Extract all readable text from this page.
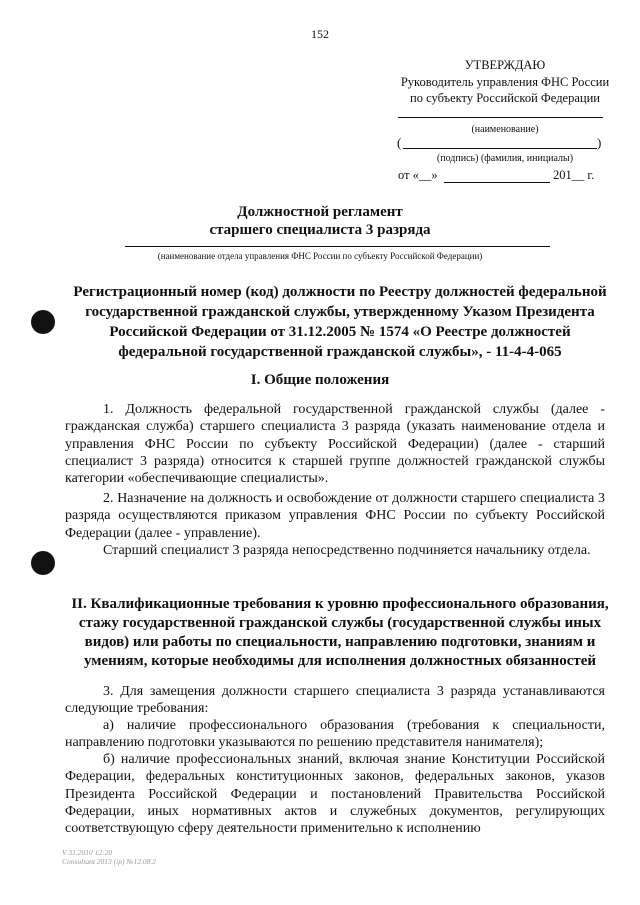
152
УТВЕРЖДАЮ
Руководитель управления ФНС России
по субъекту Российской Федерации
(наименование)
(	)
(подпись) (фамилия, инициалы)
от «__»	201__ г.
Должностной регламент
старшего специалиста 3 разряда
(наименование отдела управления ФНС России по субъекту Российской Федерации)
Регистрационный номер (код) должности по Реестру должностей федеральной
государственной гражданской службы, утвержденному Указом Президента
Российской Федерации от 31.12.2005 № 1574 «О Реестре должностей
федеральной государственной гражданской службы», - 11-4-4-065
I. Общие положения
1. Должность федеральной государственной гражданской службы (далее - гражданская служба) старшего специалиста 3 разряда (указать наименование отдела и управления ФНС России по субъекту Российской Федерации) (далее - старший специалист 3 разряда) относится к старшей группе должностей гражданской службы категории «обеспечивающие специалисты».
2. Назначение на должность и освобождение от должности старшего специалиста 3 разряда осуществляются приказом управления ФНС России по субъекту Российской Федерации (далее - управление).
Старший специалист 3 разряда непосредственно подчиняется начальнику отдела.
II. Квалификационные требования к уровню профессионального образования,
стажу государственной гражданской службы (государственной службы иных
видов) или работы по специальности, направлению подготовки, знаниям и
умениям, которые необходимы для исполнения должностных обязанностей
3. Для замещения должности старшего специалиста 3 разряда устанавливаются следующие требования:
а) наличие профессионального образования (требования к специальности, направлению подготовки указываются по решению представителя нанимателя);
б) наличие профессиональных знаний, включая знание Конституции Российской Федерации, федеральных конституционных законов, федеральных законов, указов Президента Российской Федерации и постановлений Правительства Российской Федерации, иных нормативных актов и служебных документов, регулирующих соответствующую сферу деятельности применительно к исполнению
V 31.2010 12:20
Consultant 2013 (ip) №12.08.2
